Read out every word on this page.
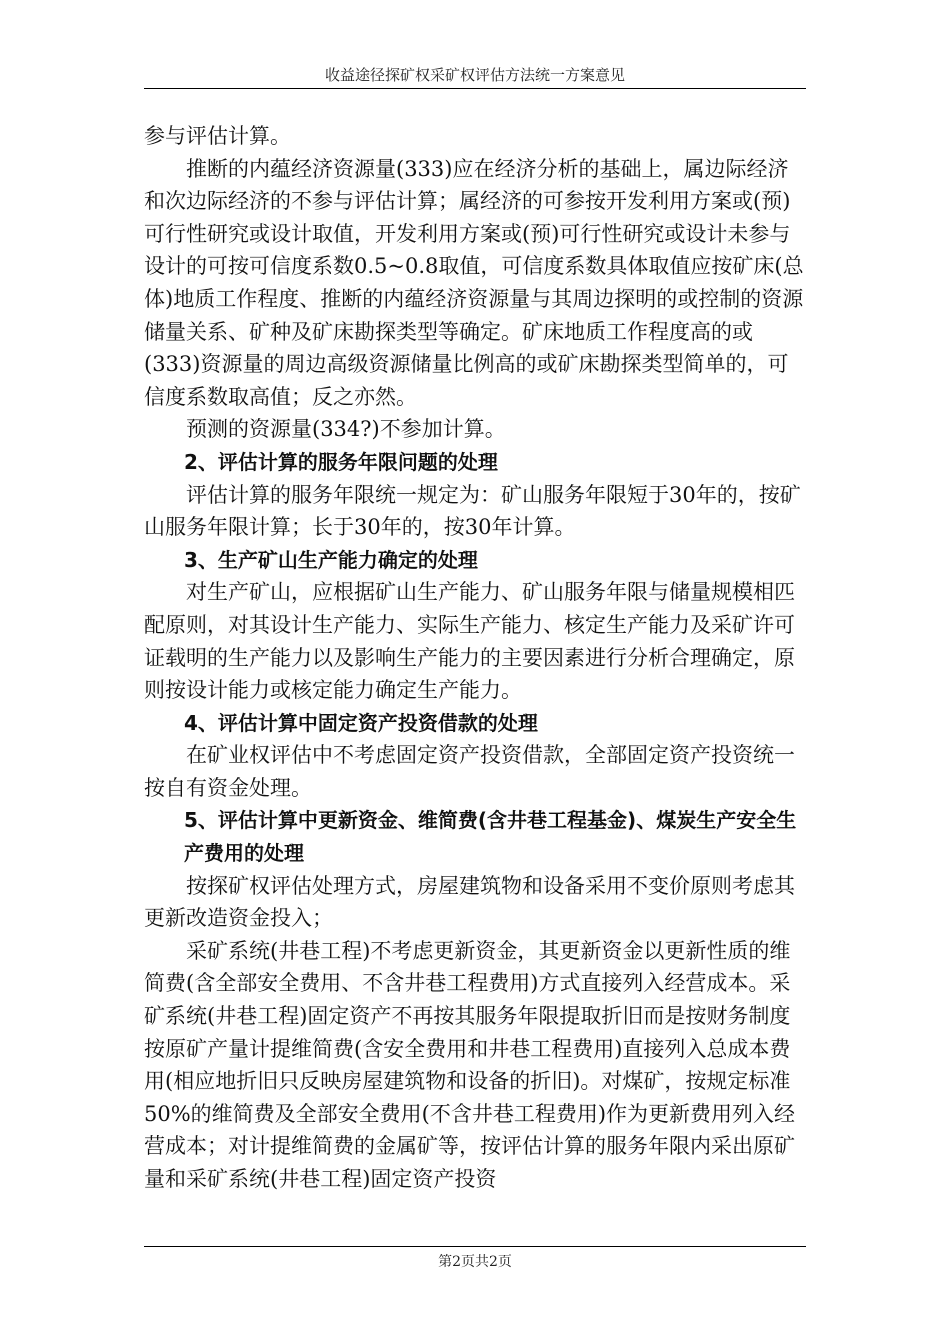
收益途径探矿权采矿权评估方法统一方案意见

参与评估计算。

推断的内蕴经济资源量(333)应在经济分析的基础上，属边际经济和次边际经济的不参与评估计算；属经济的可参按开发利用方案或(预)可行性研究或设计取值，开发利用方案或(预)可行性研究或设计未参与设计的可按可信度系数0.5~0.8取值，可信度系数具体取值应按矿床(总体)地质工作程度、推断的内蕴经济资源量与其周边探明的或控制的资源储量关系、矿种及矿床勘探类型等确定。矿床地质工作程度高的或(333)资源量的周边高级资源储量比例高的或矿床勘探类型简单的，可信度系数取高值；反之亦然。

预测的资源量(334?)不参加计算。

2、评估计算的服务年限问题的处理

评估计算的服务年限统一规定为：矿山服务年限短于30年的，按矿山服务年限计算；长于30年的，按30年计算。

3、生产矿山生产能力确定的处理

对生产矿山，应根据矿山生产能力、矿山服务年限与储量规模相匹配原则，对其设计生产能力、实际生产能力、核定生产能力及采矿许可证载明的生产能力以及影响生产能力的主要因素进行分析合理确定，原则按设计能力或核定能力确定生产能力。

4、评估计算中固定资产投资借款的处理

在矿业权评估中不考虑固定资产投资借款，全部固定资产投资统一按自有资金处理。

5、评估计算中更新资金、维简费(含井巷工程基金)、煤炭生产安全生产费用的处理

按探矿权评估处理方式，房屋建筑物和设备采用不变价原则考虑其更新改造资金投入；

采矿系统(井巷工程)不考虑更新资金，其更新资金以更新性质的维简费(含全部安全费用、不含井巷工程费用)方式直接列入经营成本。采矿系统(井巷工程)固定资产不再按其服务年限提取折旧而是按财务制度按原矿产量计提维简费(含安全费用和井巷工程费用)直接列入总成本费用(相应地折旧只反映房屋建筑物和设备的折旧)。对煤矿，按规定标准50%的维简费及全部安全费用(不含井巷工程费用)作为更新费用列入经营成本；对计提维简费的金属矿等，按评估计算的服务年限内采出原矿量和采矿系统(井巷工程)固定资产投资

第2页共2页
